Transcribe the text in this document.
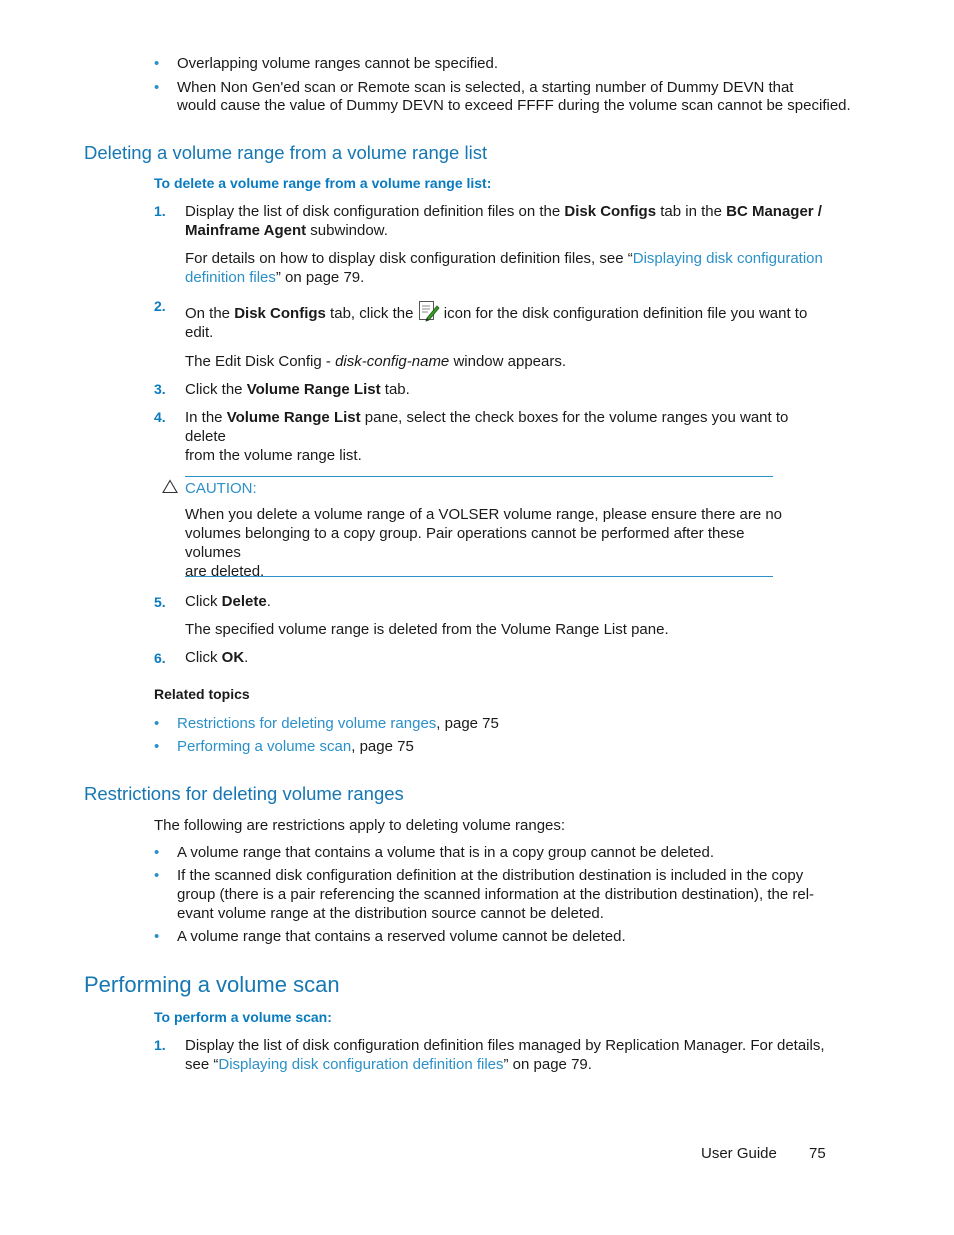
• Overlapping volume ranges cannot be specified.
• When Non Gen'ed scan or Remote scan is selected, a starting number of Dummy DEVN that
would cause the value of Dummy DEVN to exceed FFFF during the volume scan cannot be specified.
Deleting a volume range from a volume range list
To delete a volume range from a volume range list:
1. Display the list of disk configuration definition files on the Disk Configs tab in the BC Manager /
Mainframe Agent subwindow.
For details on how to display disk configuration definition files, see “Displaying disk configuration
definition files” on page 79.
2. On the Disk Configs tab, click the  icon for the disk configuration definition file you want to
edit.
The Edit Disk Config - disk-config-name window appears.
3. Click the Volume Range List tab.
4. In the Volume Range List pane, select the check boxes for the volume ranges you want to delete
from the volume range list.
CAUTION:
When you delete a volume range of a VOLSER volume range, please ensure there are no
volumes belonging to a copy group. Pair operations cannot be performed after these volumes
are deleted.
5. Click Delete.
The specified volume range is deleted from the Volume Range List pane.
6. Click OK.
Related topics
• Restrictions for deleting volume ranges, page 75
• Performing a volume scan, page 75
Restrictions for deleting volume ranges
The following are restrictions apply to deleting volume ranges:
• A volume range that contains a volume that is in a copy group cannot be deleted.
• If the scanned disk configuration definition at the distribution destination is included in the copy
group (there is a pair referencing the scanned information at the distribution destination), the rel-
evant volume range at the distribution source cannot be deleted.
• A volume range that contains a reserved volume cannot be deleted.
Performing a volume scan
To perform a volume scan:
1. Display the list of disk configuration definition files managed by Replication Manager. For details,
see “Displaying disk configuration definition files” on page 79.
User Guide 75
